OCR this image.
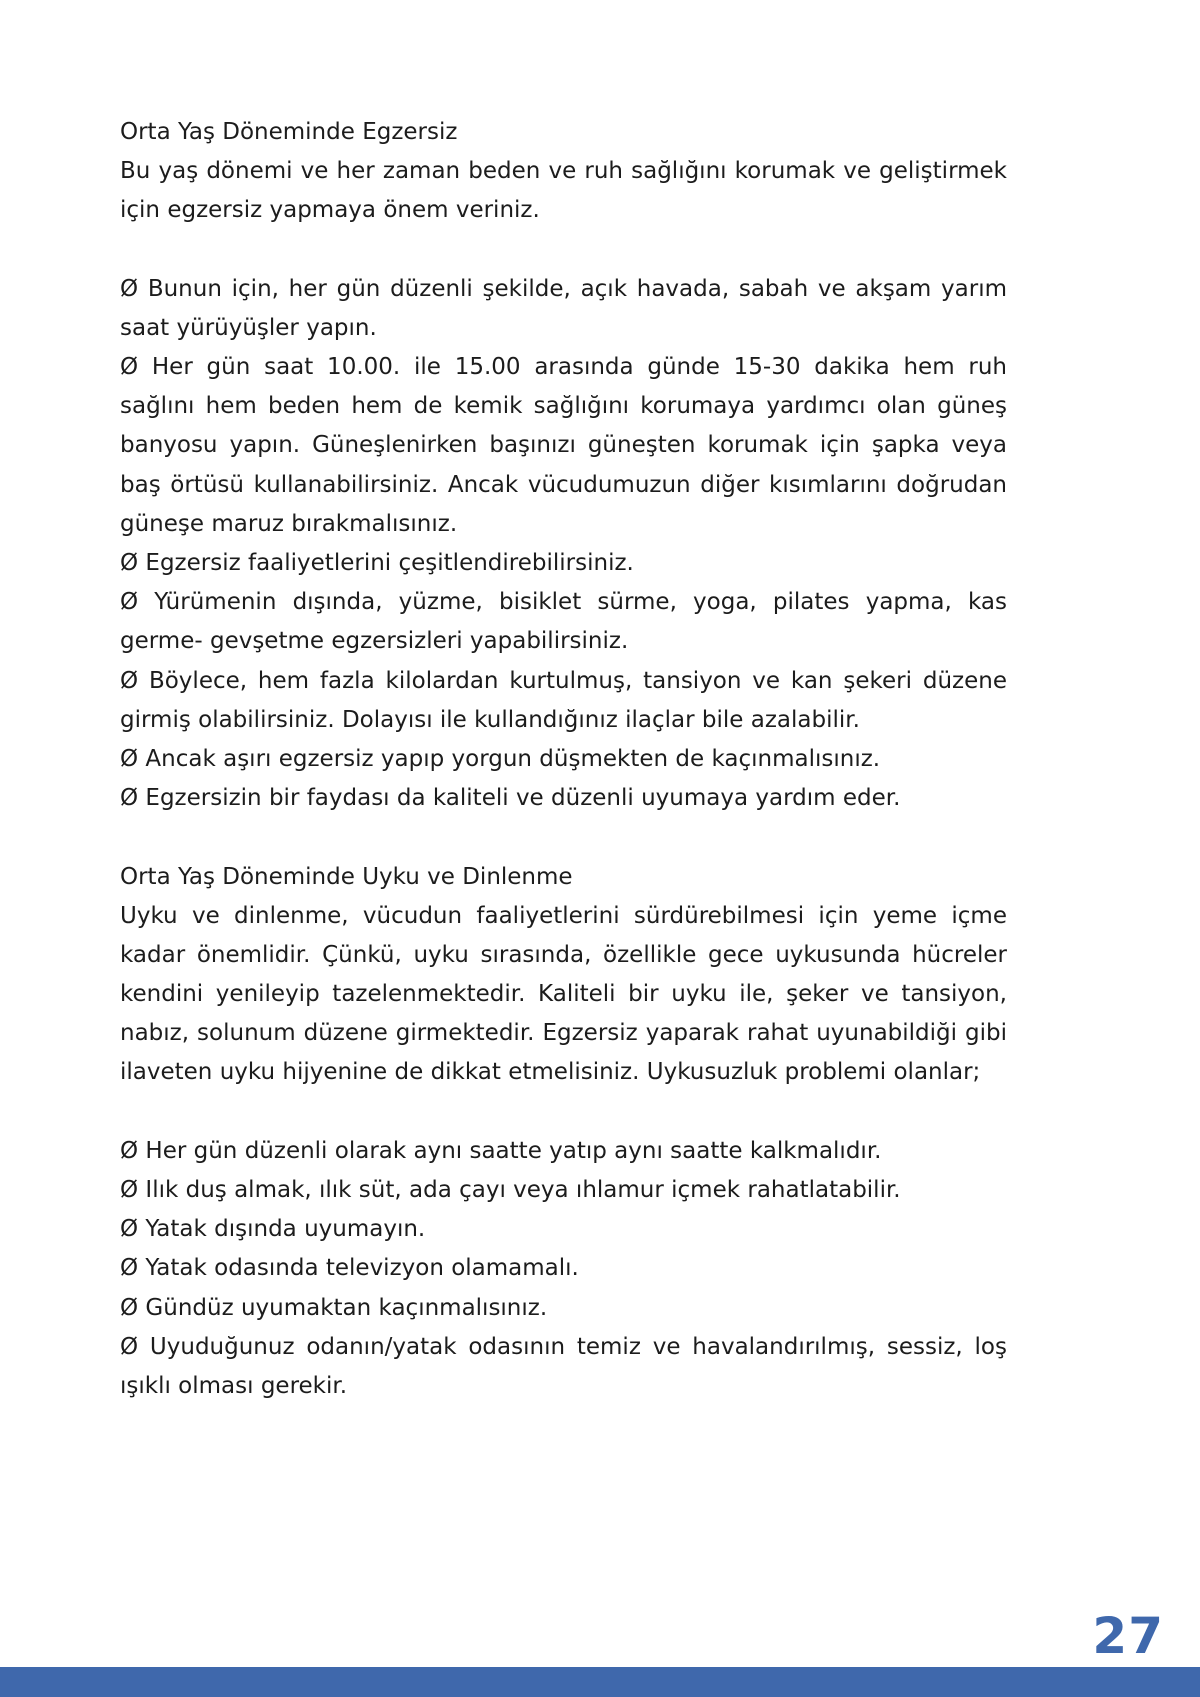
Orta Yaş Döneminde Egzersiz

Bu yaş dönemi ve her zaman beden ve ruh sağlığını korumak ve geliştirmek için egzersiz yapmaya önem veriniz.

Ø Bunun için, her gün düzenli şekilde, açık havada, sabah ve akşam yarım saat yürüyüşler yapın.

Ø Her gün saat 10.00. ile 15.00 arasında günde 15-30 dakika hem ruh sağlını hem beden hem de kemik sağlığını korumaya yardımcı olan güneş banyosu yapın. Güneşlenirken başınızı güneşten korumak için şapka veya baş örtüsü kullanabilirsiniz. Ancak vücudumuzun diğer kısımlarını doğrudan güneşe maruz bırakmalısınız.

Ø Egzersiz faaliyetlerini çeşitlendirebilirsiniz.

Ø Yürümenin dışında, yüzme, bisiklet sürme, yoga, pilates yapma, kas germe- gevşetme egzersizleri yapabilirsiniz.

Ø Böylece, hem fazla kilolardan kurtulmuş, tansiyon ve kan şekeri düzene girmiş olabilirsiniz. Dolayısı ile kullandığınız ilaçlar bile azalabilir.

Ø Ancak aşırı egzersiz yapıp yorgun düşmekten de kaçınmalısınız.

Ø Egzersizin bir faydası da kaliteli ve düzenli uyumaya yardım eder.

Orta Yaş Döneminde Uyku ve Dinlenme

Uyku ve dinlenme, vücudun faaliyetlerini sürdürebilmesi için yeme içme kadar önemlidir. Çünkü, uyku sırasında, özellikle gece uykusunda hücreler kendini yenileyip tazelenmektedir. Kaliteli bir uyku ile, şeker ve tansiyon, nabız, solunum düzene girmektedir. Egzersiz yaparak rahat uyunabildiği gibi ilaveten uyku hijyenine de dikkat etmelisiniz. Uykusuzluk problemi olanlar;

Ø Her gün düzenli olarak aynı saatte yatıp aynı saatte kalkmalıdır.

Ø Ilık duş almak, ılık süt, ada çayı veya ıhlamur içmek rahatlatabilir.

Ø Yatak dışında uyumayın.

Ø Yatak odasında televizyon olamamalı.

Ø Gündüz uyumaktan kaçınmalısınız.

Ø Uyuduğunuz odanın/yatak odasının temiz ve havalandırılmış, sessiz, loş ışıklı olması gerekir.

27
